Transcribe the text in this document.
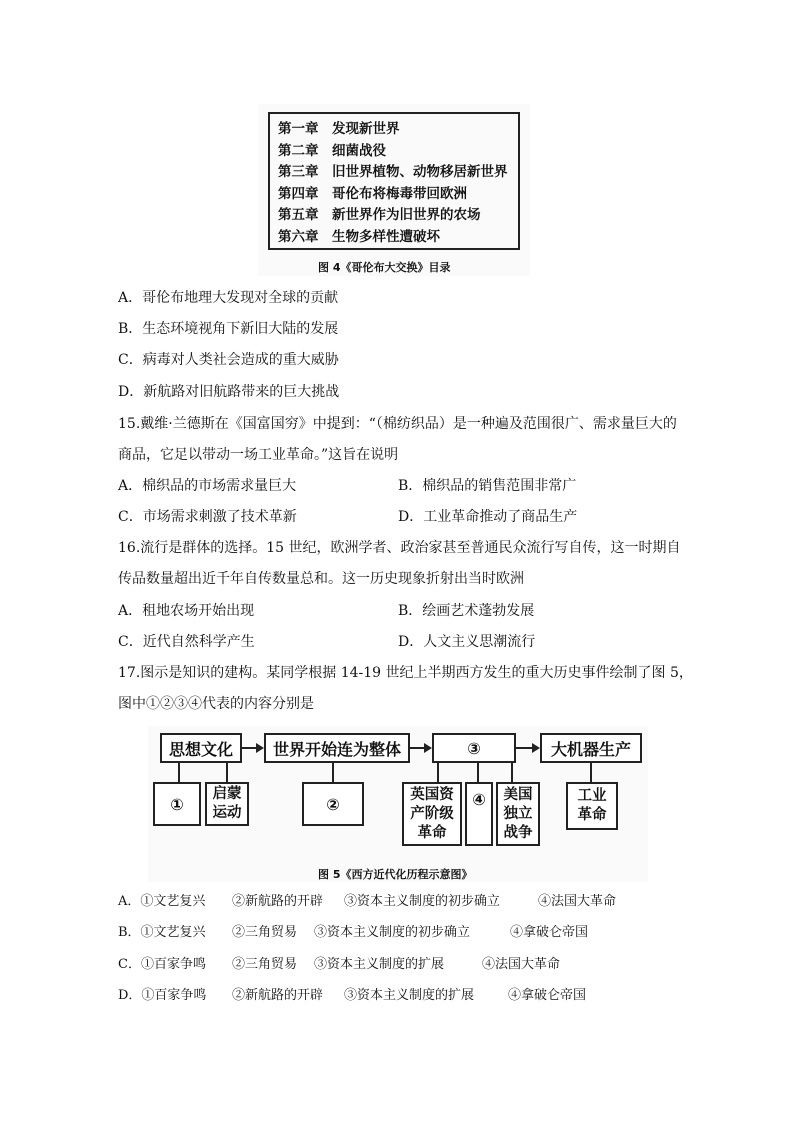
第一章 发现新世界
第二章 细菌战役
第三章 旧世界植物、动物移居新世界
第四章 哥伦布将梅毒带回欧洲
第五章 新世界作为旧世界的农场
第六章 生物多样性遭破坏
图 4《哥伦布大交换》目录
A．哥伦布地理大发现对全球的贡献
B．生态环境视角下新旧大陆的发展
C．病毒对人类社会造成的重大威胁
D．新航路对旧航路带来的巨大挑战
15.戴维·兰德斯在《国富国穷》中提到：“（棉纺织品）是一种遍及范围很广、需求量巨大的
商品，它足以带动一场工业革命。”这旨在说明
A．棉织品的市场需求量巨大	B．棉织品的销售范围非常广
C．市场需求刺激了技术革新	D．工业革命推动了商品生产
16.流行是群体的选择。15 世纪，欧洲学者、政治家甚至普通民众流行写自传，这一时期自
传品数量超出近千年自传数量总和。这一历史现象折射出当时欧洲
A．租地农场开始出现	B．绘画艺术蓬勃发展
C．近代自然科学产生	D．人文主义思潮流行
17.图示是知识的建构。某同学根据 14-19 世纪上半期西方发生的重大历史事件绘制了图 5，
图中①②③④代表的内容分别是
思想文化	世界开始连为整体	③	大机器生产
①
启蒙
运动	②	英国资
产阶级
革命
④ 美国
独立
战争
工业
革命
图 5《西方近代化历程示意图》
A．①文艺复兴 ②新航路的开辟 ③资本主义制度的初步确立	④法国大革命
B．①文艺复兴 ②三角贸易 ③资本主义制度的初步确立	④拿破仑帝国
C．①百家争鸣 ②三角贸易 ③资本主义制度的扩展	④法国大革命
D．①百家争鸣 ②新航路的开辟 ③资本主义制度的扩展	④拿破仑帝国
